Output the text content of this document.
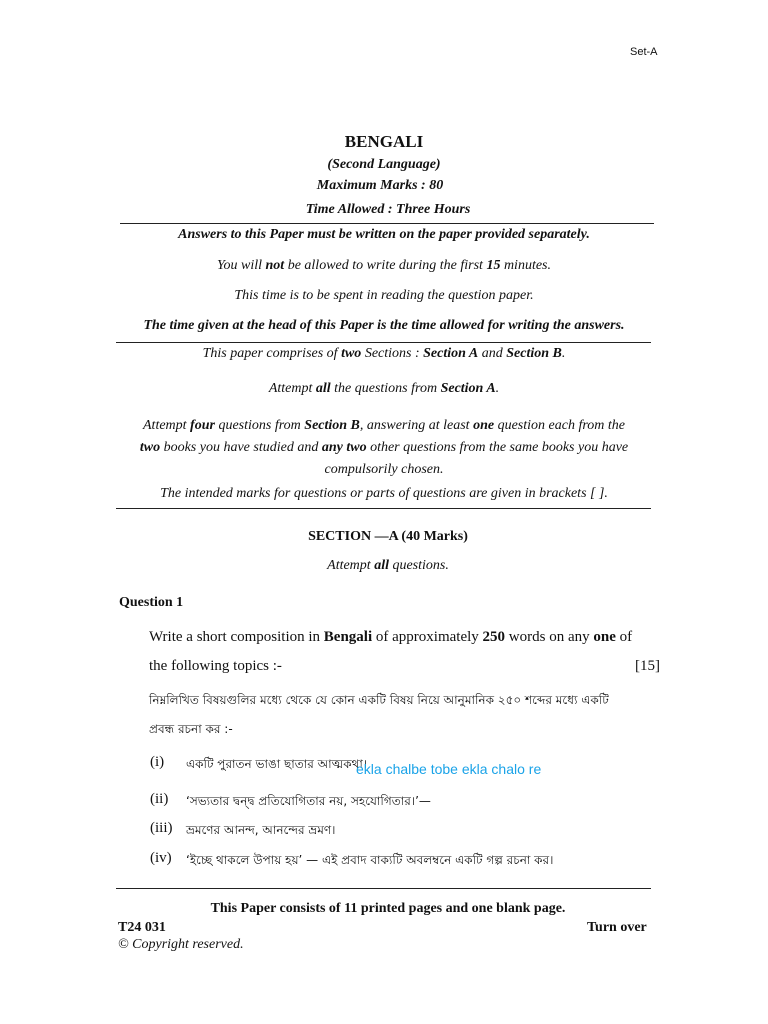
Set-A
BENGALI
(Second Language)
Maximum Marks : 80
Time Allowed : Three Hours
Answers to this Paper must be written on the paper provided separately.
You will not be allowed to write during the first 15 minutes.
This time is to be spent in reading the question paper.
The time given at the head of this Paper is the time allowed for writing the answers.
This paper comprises of two Sections : Section A and Section B.
Attempt all the questions from Section A.
Attempt four questions from Section B, answering at least one question each from the
two books you have studied and any two other questions from the same books you have
compulsorily chosen.
The intended marks for questions or parts of questions are given in brackets [ ].
SECTION —A (40 Marks)
Attempt all questions.
Question 1
Write a short composition in Bengali of approximately 250 words on any one of
the following topics :-	[15]
নিম্নলিখিত বিষয়গুলির মধ্যে থেকে যে কোন একটি বিষয় নিয়ে আনুমানিক ২৫০ শব্দের মধ্যে একটি
প্রবন্ধ রচনা কর :-
(i) একটি পুরাতন ভাঙা ছাতার আত্মকথা।
ekla chalbe tobe ekla chalo re
(ii) ‘সভ্যতার দ্বন্দ্ব প্রতিযোগিতার নয়, সহযোগিতার।’—
(iii) ভ্রমণের আনন্দ, আনন্দের ভ্রমণ।
(iv) ‘ইচ্ছে থাকলে উপায় হয়’ — এই প্রবাদ বাক্যটি অবলম্বনে একটি গল্প রচনা কর।
This Paper consists of 11 printed pages and one blank page.
T24 031	Turn over
© Copyright reserved.
